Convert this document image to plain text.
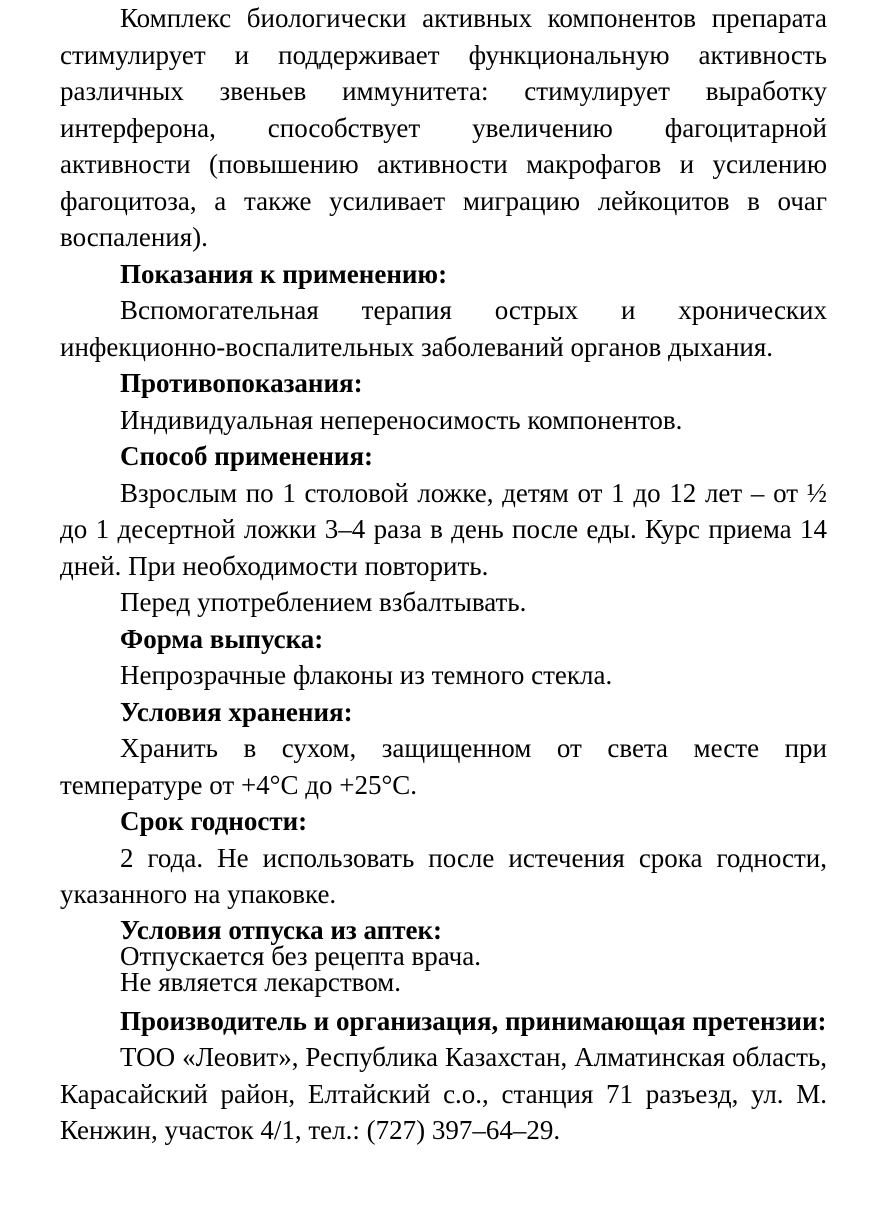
Комплекс биологически активных компонентов препарата стимулирует и поддерживает функциональную активность различных звеньев иммунитета: стимулирует выработку интерферона, способствует увеличению фагоцитарной активности (повышению активности макрофагов и усилению фагоцитоза, а также усиливает миграцию лейкоцитов в очаг воспаления).

Показания к применению:

Вспомогательная терапия острых и хронических инфекционно-воспалительных заболеваний органов дыхания.

Противопоказания:

Индивидуальная непереносимость компонентов.

Способ применения:

Взрослым по 1 столовой ложке, детям от 1 до 12 лет – от ½ до 1 десертной ложки 3–4 раза в день после еды. Курс приема 14 дней. При необходимости повторить.

Перед употреблением взбалтывать.

Форма выпуска:

Непрозрачные флаконы из темного стекла.

Условия хранения:

Хранить в сухом, защищенном от света месте при температуре от +4°С до +25°С.

Срок годности:

2 года. Не использовать после истечения срока годности, указанного на упаковке.

Условия отпуска из аптек:

Отпускается без рецепта врача.

Не является лекарством.

Производитель и организация, принимающая претензии:

ТОО «Леовит», Республика Казахстан, Алматинская область, Карасайский район, Елтайский с.о., станция 71 разъезд, ул. М. Кенжин, участок 4/1, тел.: (727) 397–64–29.
